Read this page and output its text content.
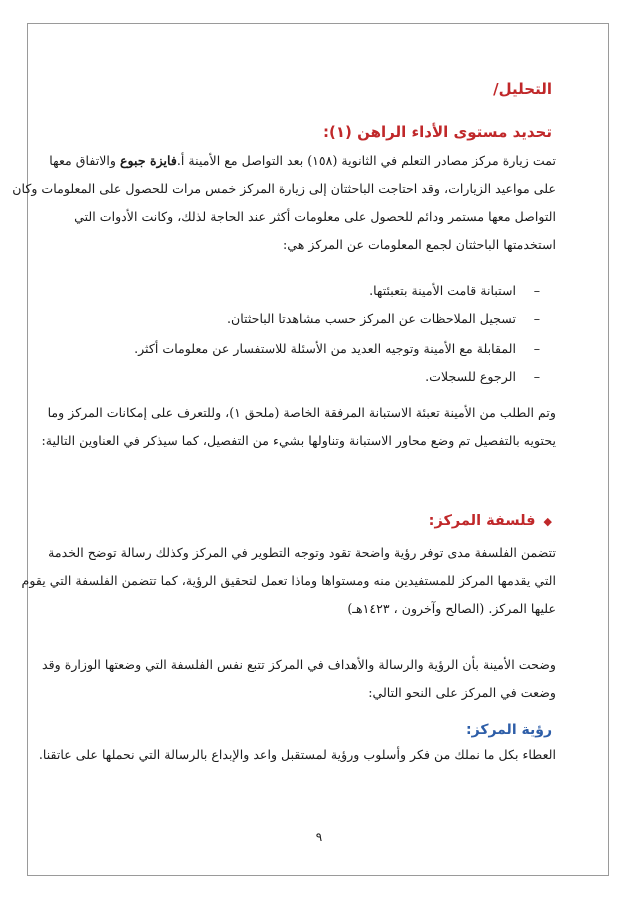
التحليل/
تحديد مستوى الأداء الراهن (١):
تمت زيارة مركز مصادر التعلم في الثانوية (١٥٨) بعد التواصل مع الأمينة أ.فايزة جبوع والاتفاق معها
على مواعيد الزيارات، وقد احتاجت الباحثتان إلى زيارة المركز خمس مرات للحصول على المعلومات وكان
التواصل معها مستمر ودائم للحصول على معلومات أكثر عند الحاجة لذلك، وكانت الأدوات التي
استخدمتها الباحثتان لجمع المعلومات عن المركز هي:
–
استبانة قامت الأمينة بتعبئتها.
–
تسجيل الملاحظات عن المركز حسب مشاهدتا الباحثتان.
–
المقابلة مع الأمينة وتوجيه العديد من الأسئلة للاستفسار عن معلومات أكثر.
–
الرجوع للسجلات.
وتم الطلب من الأمينة تعبئة الاستبانة المرفقة الخاصة (ملحق ١)، وللتعرف على إمكانات المركز وما
يحتويه بالتفصيل تم وضع محاور الاستبانة وتناولها بشيء من التفصيل، كما سيذكر في العناوين التالية:
◆فلسفة المركز:
تتضمن الفلسفة مدى توفر رؤية واضحة تقود وتوجه التطوير في المركز وكذلك رسالة توضح الخدمة
التي يقدمها المركز للمستفيدين منه ومستواها وماذا تعمل لتحقيق الرؤية، كما تتضمن الفلسفة التي يقوم
عليها المركز. (الصالح وآخرون ، ١٤٢٣هـ)
وضحت الأمينة بأن الرؤية والرسالة والأهداف في المركز تتبع نفس الفلسفة التي وضعتها الوزارة وقد
وضعت في المركز على النحو التالي:
رؤية المركز:
العطاء بكل ما نملك من فكر وأسلوب ورؤية لمستقبل واعد والإبداع بالرسالة التي نحملها على عاتقنا.
٩
